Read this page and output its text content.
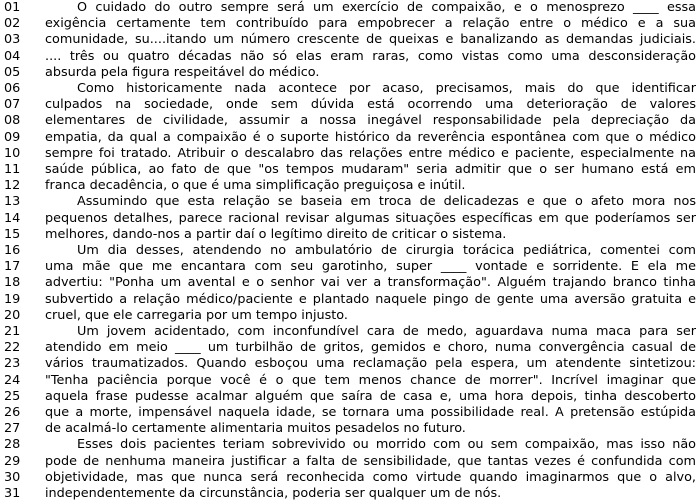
01	O cuidado do outro sempre será um exercício de compaixão, e o menosprezo ____ essa
02 exigência certamente tem contribuído para empobrecer a relação entre o médico e a sua
03 comunidade, su....itando um número crescente de queixas e banalizando as demandas judiciais.
04 .... três ou quatro décadas não só elas eram raras, como vistas como uma desconsideração
05 absurda pela figura respeitável do médico.
06	Como historicamente nada acontece por acaso, precisamos, mais do que identificar
07 culpados na sociedade, onde sem dúvida está ocorrendo uma deterioração de valores
08 elementares de civilidade, assumir a nossa inegável responsabilidade pela depreciação da
09 empatia, da qual a compaixão é o suporte histórico da reverência espontânea com que o médico
10 sempre foi tratado. Atribuir o descalabro das relações entre médico e paciente, especialmente na
11 saúde pública, ao fato de que "os tempos mudaram" seria admitir que o ser humano está em
12 franca decadência, o que é uma simplificação preguiçosa e inútil.
13	Assumindo que esta relação se baseia em troca de delicadezas e que o afeto mora nos
14 pequenos detalhes, parece racional revisar algumas situações específicas em que poderíamos ser
15 melhores, dando-nos a partir daí o legítimo direito de criticar o sistema.
16	Um dia desses, atendendo no ambulatório de cirurgia torácica pediátrica, comentei com
17 uma mãe que me encantara com seu garotinho, super ____ vontade e sorridente. E ela me
18 advertiu: "Ponha um avental e o senhor vai ver a transformação". Alguém trajando branco tinha
19 subvertido a relação médico/paciente e plantado naquele pingo de gente uma aversão gratuita e
20 cruel, que ele carregaria por um tempo injusto.
21	Um jovem acidentado, com inconfundível cara de medo, aguardava numa maca para ser
22 atendido em meio ____ um turbilhão de gritos, gemidos e choro, numa convergência casual de
23 vários traumatizados. Quando esboçou uma reclamação pela espera, um atendente sintetizou:
24 "Tenha paciência porque você é o que tem menos chance de morrer". Incrível imaginar que
25 aquela frase pudesse acalmar alguém que saíra de casa e, uma hora depois, tinha descoberto
26 que a morte, impensável naquela idade, se tornara uma possibilidade real. A pretensão estúpida
27 de acalmá-lo certamente alimentaria muitos pesadelos no futuro.
28	Esses dois pacientes teriam sobrevivido ou morrido com ou sem compaixão, mas isso não
29 pode de nenhuma maneira justificar a falta de sensibilidade, que tantas vezes é confundida com
30 objetividade, mas que nunca será reconhecida como virtude quando imaginarmos que o alvo,
31 independentemente da circunstância, poderia ser qualquer um de nós.
